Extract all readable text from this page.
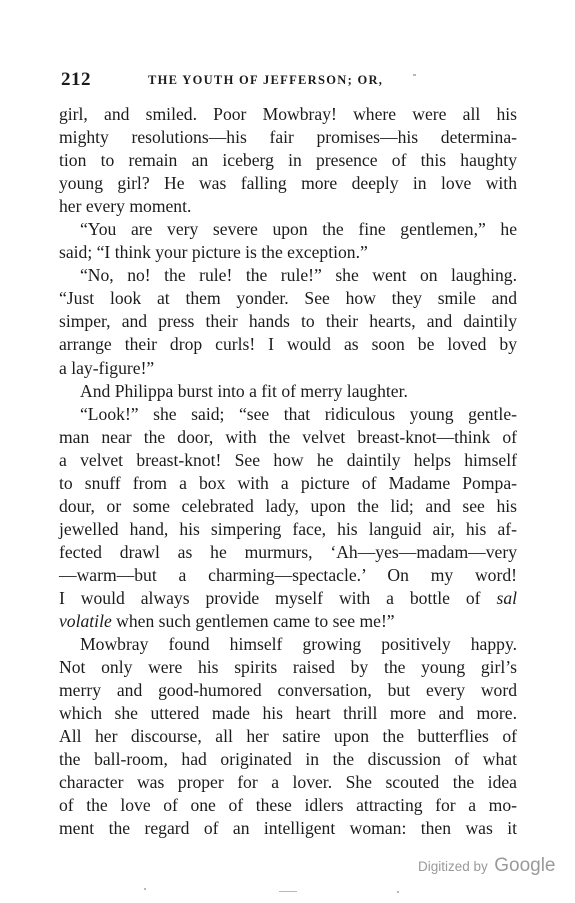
212	THE YOUTH OF JEFFERSON; OR,
girl, and smiled. Poor Mowbray! where were all his
mighty resolutions—his fair promises—his determina-
tion to remain an iceberg in presence of this haughty
young girl? He was falling more deeply in love with
her every moment.
“You are very severe upon the fine gentlemen,” he
said; “I think your picture is the exception.”
“No, no! the rule! the rule!” she went on laughing.
“Just look at them yonder. See how they smile and
simper, and press their hands to their hearts, and daintily
arrange their drop curls! I would as soon be loved by
a lay-figure!”
And Philippa burst into a fit of merry laughter.
“Look!” she said; “see that ridiculous young gentle-
man near the door, with the velvet breast-knot—think of
a velvet breast-knot! See how he daintily helps himself
to snuff from a box with a picture of Madame Pompa-
dour, or some celebrated lady, upon the lid; and see his
jewelled hand, his simpering face, his languid air, his af-
fected drawl as he murmurs, ‘Ah—yes—madam—very
—warm—but a charming—spectacle.’ On my word!
I would always provide myself with a bottle of sal
volatile when such gentlemen came to see me!”
Mowbray found himself growing positively happy.
Not only were his spirits raised by the young girl’s
merry and good-humored conversation, but every word
which she uttered made his heart thrill more and more.
All her discourse, all her satire upon the butterflies of
the ball-room, had originated in the discussion of what
character was proper for a lover. She scouted the idea
of the love of one of these idlers attracting for a mo-
ment the regard of an intelligent woman: then was it
Digitized by Google
